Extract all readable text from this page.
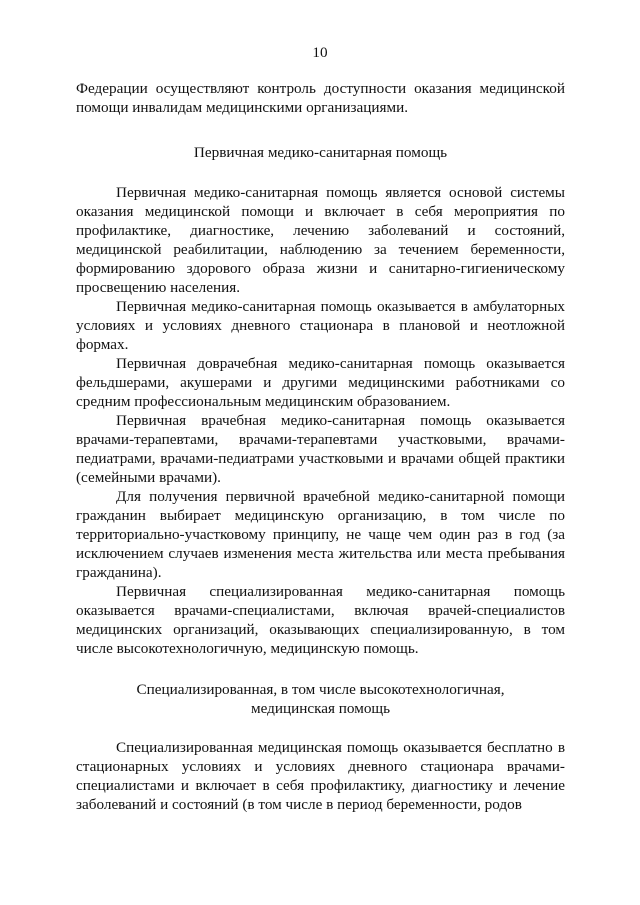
10

Федерации осуществляют контроль доступности оказания медицинской помощи инвалидам медицинскими организациями.

Первичная медико-санитарная помощь

Первичная медико-санитарная помощь является основой системы оказания медицинской помощи и включает в себя мероприятия по профилактике, диагностике, лечению заболеваний и состояний, медицинской реабилитации, наблюдению за течением беременности, формированию здорового образа жизни и санитарно-гигиеническому просвещению населения.

Первичная медико-санитарная помощь оказывается в амбулаторных условиях и условиях дневного стационара в плановой и неотложной формах.

Первичная доврачебная медико-санитарная помощь оказывается фельдшерами, акушерами и другими медицинскими работниками со средним профессиональным медицинским образованием.

Первичная врачебная медико-санитарная помощь оказывается врачами-терапевтами, врачами-терапевтами участковыми, врачами-педиатрами, врачами-педиатрами участковыми и врачами общей практики (семейными врачами).

Для получения первичной врачебной медико-санитарной помощи гражданин выбирает медицинскую организацию, в том числе по территориально-участковому принципу, не чаще чем один раз в год (за исключением случаев изменения места жительства или места пребывания гражданина).

Первичная специализированная медико-санитарная помощь оказывается врачами-специалистами, включая врачей-специалистов медицинских организаций, оказывающих специализированную, в том числе высокотехнологичную, медицинскую помощь.

Специализированная, в том числе высокотехнологичная,
медицинская помощь

Специализированная медицинская помощь оказывается бесплатно в стационарных условиях и условиях дневного стационара врачами-специалистами и включает в себя профилактику, диагностику и лечение заболеваний и состояний (в том числе в период беременности, родов
